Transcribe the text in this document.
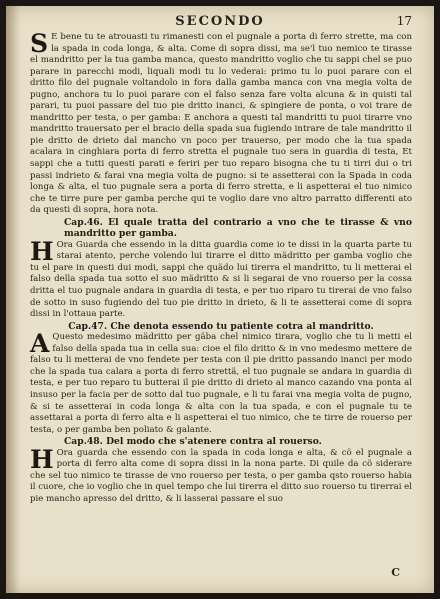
SECONDO	17

S E bene tu te atrouasti tu rimanesti con el pugnale a porta di ferro strette, ma con la spada in coda longa, & alta. Come di sopra dissi, ma se'l tuo nemico te tirasse el mandritto per la tua gamba manca, questo mandritto voglio che tu sappi chel se puo parare in parecchi modi, liquali modi tu lo vederai: primo tu lo puoi parare con el dritto filo del pugnale voltandolo in fora dalla gamba manca con vna megia volta de pugno, anchora tu lo puoi parare con el falso senza fare volta alcuna & in quisti tal parari, tu puoi passare del tuo pie dritto inanci, & spingiere de ponta, o voi trare de mandritto per testa, o per gamba: E anchora a questi tal mandritti tu puoi tirarre vno mandritto trauersato per el bracio della spada sua fugiendo intrare de tale mandritto il pie dritto de drieto dal mancho vn poco per trauerso, per modo che la tua spada acalara in cinghiara porta di ferro stretta el pugnale tuo sera in guardia di testa, Et sappi che a tutti questi parati e feriri per tuo reparo bisogna che tu ti tirri dui o tri passi indrieto & farai vna megia volta de pugno: si te assetterai con la Spada in coda longa & alta, el tuo pugnale sera a porta di ferro stretta, e li aspetterai el tuo nimico che te tirre pure per gamba perche qui te voglio dare vno altro parratto differenti ato da questi di sopra, hora nota.

Cap.46. El quale tratta del contrario a vno che te tirasse & vno mandritto per gamba.

H Ora Guarda che essendo in la ditta guardia come io te dissi in la quarta parte tu starai atento, perche volendo lui tirarre el ditto mädritto per gamba voglio che tu el pare in questi dui modi, sappi che quädo lui tirerra el mandritto, tu li metterai el falso della spada tua sotto el suo mädritto & si li segarai de vno rouerso per la cossa dritta el tuo pugnale andara in guardia di testa, e per tuo riparo tu tirerai de vno falso de sotto in suso fugiendo del tuo pie dritto in drieto, & li te assetterai come di sopra dissi in l'ottaua parte.

Cap.47. Che denota essendo tu patiente cotra al mandritto.

A Questo medesimo mädritto per gäba chel nimico tirara, voglio che tu li metti el falso della spada tua in cella sua: cioe el filo dritto & in vno medesmo mettere de falso tu li metterai de vno fendete per testa con il pie dritto passando inanci per modo che la spada tua calara a porta di ferro strettä, el tuo pugnale se andara in guardia di testa, e per tuo reparo tu butterai il pie dritto di drieto al manco cazando vna ponta al insuso per la facia per de sotto dal tuo pugnale, e li tu farai vna megia volta de pugno, & si te assetterai in coda longa & alta con la tua spada, e con el pugnale tu te assettarai a porta di ferro alta e li aspetterai el tuo nimico, che te tirre de rouerso per testa, o per gamba ben poliato & galante.

Cap.48. Del modo che s'atenere contra al rouerso.

H Ora guarda che essendo con la spada in coda longa e alta, & cö el pugnale a porta di ferro alta come di sopra dissi in la nona parte. Di quile da cö siderare che sel tuo nimico te tirasse de vno rouerso per testa, o per gamba qsto rouerso habia il cuore, che io voglio che in quel tempo che lui tirerra el ditto suo rouerso tu tirerrai el pie mancho apresso del dritto, & li lasserai passare el suo

C
